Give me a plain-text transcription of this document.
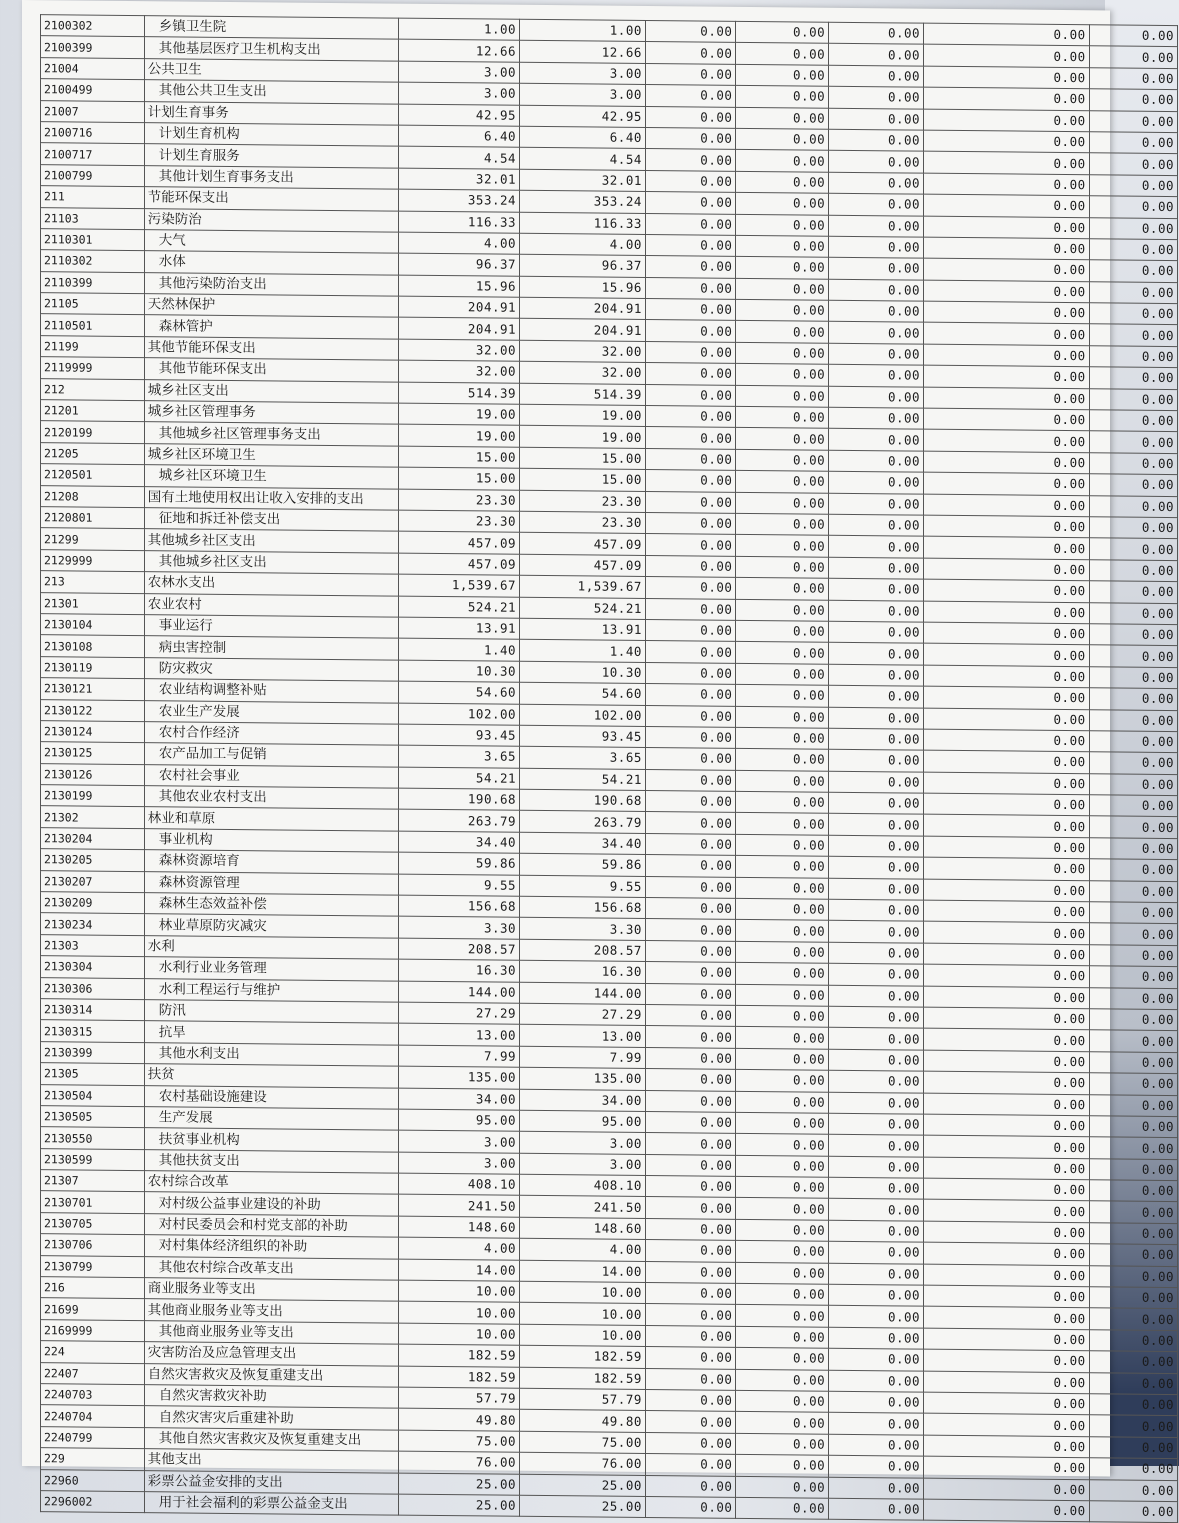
2100302	乡镇卫生院	1.00	1.00	0.00	0.00	0.00	0.00	0.00
2100399	其他基层医疗卫生机构支出	12.66	12.66	0.00	0.00	0.00	0.00	0.00
21004	公共卫生	3.00	3.00	0.00	0.00	0.00	0.00	0.00
2100499	其他公共卫生支出	3.00	3.00	0.00	0.00	0.00	0.00	0.00
21007	计划生育事务	42.95	42.95	0.00	0.00	0.00	0.00	0.00
2100716	计划生育机构	6.40	6.40	0.00	0.00	0.00	0.00	0.00
2100717	计划生育服务	4.54	4.54	0.00	0.00	0.00	0.00	0.00
2100799	其他计划生育事务支出	32.01	32.01	0.00	0.00	0.00	0.00	0.00
211	节能环保支出	353.24	353.24	0.00	0.00	0.00	0.00	0.00
21103	污染防治	116.33	116.33	0.00	0.00	0.00	0.00	0.00
2110301	大气	4.00	4.00	0.00	0.00	0.00	0.00	0.00
2110302	水体	96.37	96.37	0.00	0.00	0.00	0.00	0.00
2110399	其他污染防治支出	15.96	15.96	0.00	0.00	0.00	0.00	0.00
21105	天然林保护	204.91	204.91	0.00	0.00	0.00	0.00	0.00
2110501	森林管护	204.91	204.91	0.00	0.00	0.00	0.00	0.00
21199	其他节能环保支出	32.00	32.00	0.00	0.00	0.00	0.00	0.00
2119999	其他节能环保支出	32.00	32.00	0.00	0.00	0.00	0.00	0.00
212	城乡社区支出	514.39	514.39	0.00	0.00	0.00	0.00	0.00
21201	城乡社区管理事务	19.00	19.00	0.00	0.00	0.00	0.00	0.00
2120199	其他城乡社区管理事务支出	19.00	19.00	0.00	0.00	0.00	0.00	0.00
21205	城乡社区环境卫生	15.00	15.00	0.00	0.00	0.00	0.00	0.00
2120501	城乡社区环境卫生	15.00	15.00	0.00	0.00	0.00	0.00	0.00
21208	国有土地使用权出让收入安排的支出	23.30	23.30	0.00	0.00	0.00	0.00	0.00
2120801	征地和拆迁补偿支出	23.30	23.30	0.00	0.00	0.00	0.00	0.00
21299	其他城乡社区支出	457.09	457.09	0.00	0.00	0.00	0.00	0.00
2129999	其他城乡社区支出	457.09	457.09	0.00	0.00	0.00	0.00	0.00
213	农林水支出	1,539.67	1,539.67	0.00	0.00	0.00	0.00	0.00
21301	农业农村	524.21	524.21	0.00	0.00	0.00	0.00	0.00
2130104	事业运行	13.91	13.91	0.00	0.00	0.00	0.00	0.00
2130108	病虫害控制	1.40	1.40	0.00	0.00	0.00	0.00	0.00
2130119	防灾救灾	10.30	10.30	0.00	0.00	0.00	0.00	0.00
2130121	农业结构调整补贴	54.60	54.60	0.00	0.00	0.00	0.00	0.00
2130122	农业生产发展	102.00	102.00	0.00	0.00	0.00	0.00	0.00
2130124	农村合作经济	93.45	93.45	0.00	0.00	0.00	0.00	0.00
2130125	农产品加工与促销	3.65	3.65	0.00	0.00	0.00	0.00	0.00
2130126	农村社会事业	54.21	54.21	0.00	0.00	0.00	0.00	0.00
2130199	其他农业农村支出	190.68	190.68	0.00	0.00	0.00	0.00	0.00
21302	林业和草原	263.79	263.79	0.00	0.00	0.00	0.00	0.00
2130204	事业机构	34.40	34.40	0.00	0.00	0.00	0.00	0.00
2130205	森林资源培育	59.86	59.86	0.00	0.00	0.00	0.00	0.00
2130207	森林资源管理	9.55	9.55	0.00	0.00	0.00	0.00	0.00
2130209	森林生态效益补偿	156.68	156.68	0.00	0.00	0.00	0.00	0.00
2130234	林业草原防灾减灾	3.30	3.30	0.00	0.00	0.00	0.00	0.00
21303	水利	208.57	208.57	0.00	0.00	0.00	0.00	0.00
2130304	水利行业业务管理	16.30	16.30	0.00	0.00	0.00	0.00	0.00
2130306	水利工程运行与维护	144.00	144.00	0.00	0.00	0.00	0.00	0.00
2130314	防汛	27.29	27.29	0.00	0.00	0.00	0.00	0.00
2130315	抗旱	13.00	13.00	0.00	0.00	0.00	0.00	0.00
2130399	其他水利支出	7.99	7.99	0.00	0.00	0.00	0.00	0.00
21305	扶贫	135.00	135.00	0.00	0.00	0.00	0.00	0.00
2130504	农村基础设施建设	34.00	34.00	0.00	0.00	0.00	0.00	0.00
2130505	生产发展	95.00	95.00	0.00	0.00	0.00	0.00	0.00
2130550	扶贫事业机构	3.00	3.00	0.00	0.00	0.00	0.00	0.00
2130599	其他扶贫支出	3.00	3.00	0.00	0.00	0.00	0.00	0.00
21307	农村综合改革	408.10	408.10	0.00	0.00	0.00	0.00	0.00
2130701	对村级公益事业建设的补助	241.50	241.50	0.00	0.00	0.00	0.00	0.00
2130705	对村民委员会和村党支部的补助	148.60	148.60	0.00	0.00	0.00	0.00	0.00
2130706	对村集体经济组织的补助	4.00	4.00	0.00	0.00	0.00	0.00	0.00
2130799	其他农村综合改革支出	14.00	14.00	0.00	0.00	0.00	0.00	0.00
216	商业服务业等支出	10.00	10.00	0.00	0.00	0.00	0.00	0.00
21699	其他商业服务业等支出	10.00	10.00	0.00	0.00	0.00	0.00	0.00
2169999	其他商业服务业等支出	10.00	10.00	0.00	0.00	0.00	0.00	0.00
224	灾害防治及应急管理支出	182.59	182.59	0.00	0.00	0.00	0.00	0.00
22407	自然灾害救灾及恢复重建支出	182.59	182.59	0.00	0.00	0.00	0.00	0.00
2240703	自然灾害救灾补助	57.79	57.79	0.00	0.00	0.00	0.00	0.00
2240704	自然灾害灾后重建补助	49.80	49.80	0.00	0.00	0.00	0.00	0.00
2240799	其他自然灾害救灾及恢复重建支出	75.00	75.00	0.00	0.00	0.00	0.00	0.00
229	其他支出	76.00	76.00	0.00	0.00	0.00	0.00	0.00
22960	彩票公益金安排的支出	25.00	25.00	0.00	0.00	0.00	0.00	0.00
2296002	用于社会福利的彩票公益金支出	25.00	25.00	0.00	0.00	0.00	0.00	0.00
